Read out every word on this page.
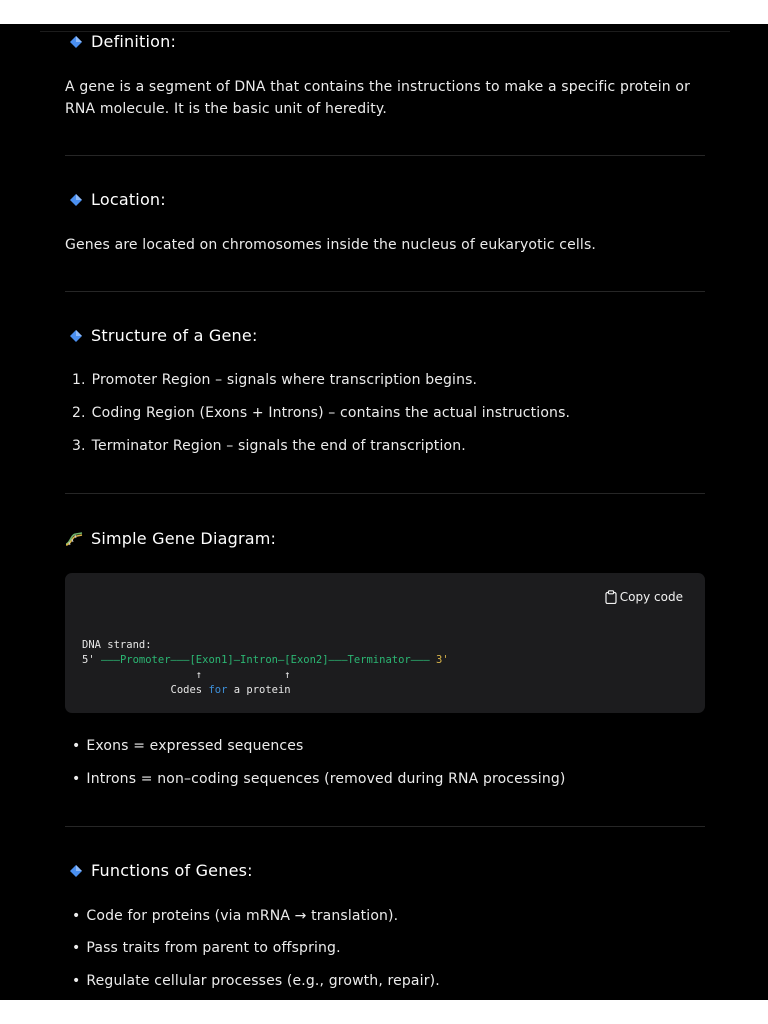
Definition:
A gene is a segment of DNA that contains the instructions to make a specific protein or RNA molecule. It is the basic unit of heredity.
Location:
Genes are located on chromosomes inside the nucleus of eukaryotic cells.
Structure of a Gene:
1. Promoter Region – signals where transcription begins.
2. Coding Region (Exons + Introns) – contains the actual instructions.
3. Terminator Region – signals the end of transcription.
Simple Gene Diagram:
Copy code
DNA strand:
5' ———Promoter———[Exon1]—Intron—[Exon2]———Terminator——— 3'
↑             ↑
Codes for a protein
• Exons = expressed sequences
• Introns = non–coding sequences (removed during RNA processing)
Functions of Genes:
• Code for proteins (via mRNA → translation).
• Pass traits from parent to offspring.
• Regulate cellular processes (e.g., growth, repair).
